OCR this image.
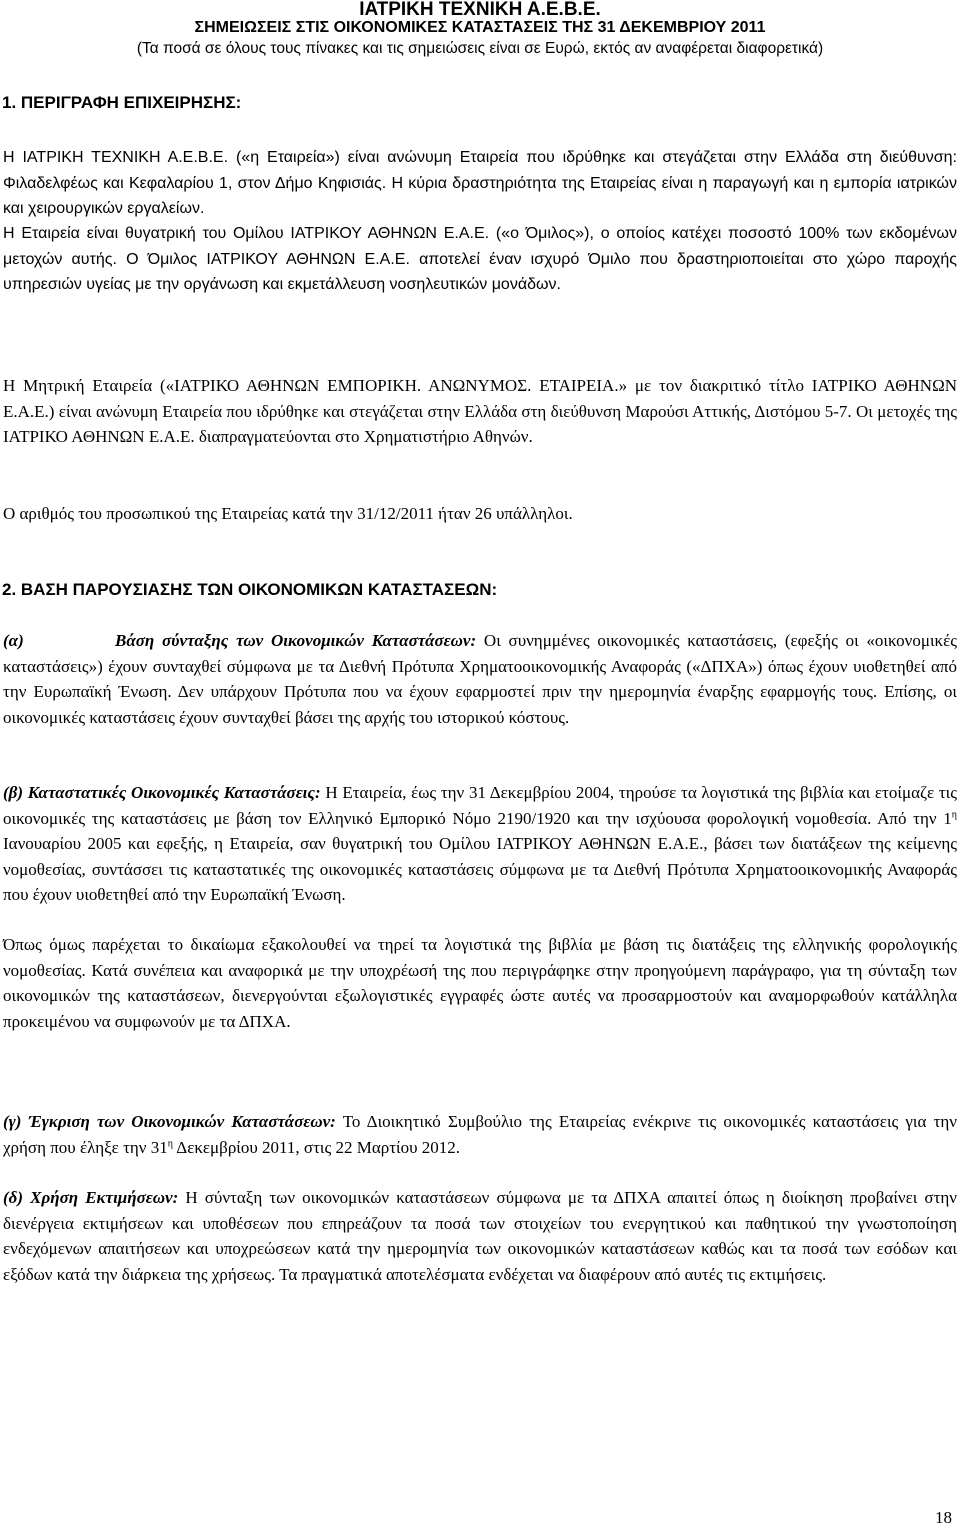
ΙΑΤΡΙΚΗ ΤΕΧΝΙΚΗ Α.Ε.Β.Ε.
ΣΗΜΕΙΩΣΕΙΣ ΣΤΙΣ ΟΙΚΟΝΟΜΙΚΕΣ ΚΑΤΑΣΤΑΣΕΙΣ ΤΗΣ 31 ΔΕΚΕΜΒΡΙΟΥ 2011
(Τα ποσά σε όλους τους πίνακες και τις σημειώσεις είναι σε Ευρώ, εκτός αν αναφέρεται διαφορετικά)
1. ΠΕΡΙΓΡΑΦΗ ΕΠΙΧΕΙΡΗΣΗΣ:
Η ΙΑΤΡΙΚΗ ΤΕΧΝΙΚΗ Α.Ε.Β.Ε. («η Εταιρεία») είναι ανώνυμη Εταιρεία που ιδρύθηκε και στεγάζεται στην Ελλάδα στη διεύθυνση: Φιλαδελφέως και Κεφαλαρίου 1, στον Δήμο Κηφισιάς. Η κύρια δραστηριότητα της Εταιρείας είναι η παραγωγή και η εμπορία ιατρικών και χειρουργικών εργαλείων.
Η Εταιρεία είναι θυγατρική του Ομίλου ΙΑΤΡΙΚΟΥ ΑΘΗΝΩΝ Ε.Α.Ε. («ο Όμιλος»), ο οποίος κατέχει ποσοστό 100% των εκδομένων μετοχών αυτής. Ο Όμιλος ΙΑΤΡΙΚΟΥ ΑΘΗΝΩΝ Ε.Α.Ε. αποτελεί έναν ισχυρό Όμιλο που δραστηριοποιείται στο χώρο παροχής υπηρεσιών υγείας με την οργάνωση και εκμετάλλευση νοσηλευτικών μονάδων.
Η Μητρική Εταιρεία («ΙΑΤΡΙΚΟ ΑΘΗΝΩΝ ΕΜΠΟΡΙΚΗ. ΑΝΩΝΥΜΟΣ. ΕΤΑΙΡΕΙΑ.» με τον διακριτικό τίτλο ΙΑΤΡΙΚΟ ΑΘΗΝΩΝ Ε.Α.Ε.) είναι ανώνυμη Εταιρεία που ιδρύθηκε και στεγάζεται στην Ελλάδα στη διεύθυνση Μαρούσι Αττικής, Διστόμου 5-7. Οι μετοχές της ΙΑΤΡΙΚΟ ΑΘΗΝΩΝ Ε.Α.Ε. διαπραγματεύονται στο Χρηματιστήριο Αθηνών.
Ο αριθμός του προσωπικού της Εταιρείας κατά την 31/12/2011 ήταν 26 υπάλληλοι.
2. ΒΑΣΗ ΠΑΡΟΥΣΙΑΣΗΣ ΤΩΝ ΟΙΚΟΝΟΜΙΚΩΝ ΚΑΤΑΣΤΑΣΕΩΝ:
(α)	Βάση σύνταξης των Οικονομικών Καταστάσεων: Οι συνημμένες οικονομικές καταστάσεις, (εφεξής οι «οικονομικές καταστάσεις») έχουν συνταχθεί σύμφωνα με τα Διεθνή Πρότυπα Χρηματοοικονομικής Αναφοράς («ΔΠΧΑ») όπως έχουν υιοθετηθεί από την Ευρωπαϊκή Ένωση. Δεν υπάρχουν Πρότυπα που να έχουν εφαρμοστεί πριν την ημερομηνία έναρξης εφαρμογής τους. Επίσης, οι οικονομικές καταστάσεις έχουν συνταχθεί βάσει της αρχής του ιστορικού κόστους.
(β) Καταστατικές Οικονομικές Καταστάσεις: Η Εταιρεία, έως την 31 Δεκεμβρίου 2004, τηρούσε τα λογιστικά της βιβλία και ετοίμαζε τις οικονομικές της καταστάσεις με βάση τον Ελληνικό Εμπορικό Νόμο 2190/1920 και την ισχύουσα φορολογική νομοθεσία. Από την $1^\eta$ Ιανουαρίου 2005 και εφεξής, η Εταιρεία, σαν θυγατρική του Ομίλου ΙΑΤΡΙΚΟΥ ΑΘΗΝΩΝ Ε.Α.Ε., βάσει των διατάξεων της κείμενης νομοθεσίας, συντάσσει τις καταστατικές της οικονομικές καταστάσεις σύμφωνα με τα Διεθνή Πρότυπα Χρηματοοικονομικής Αναφοράς που έχουν υιοθετηθεί από την Ευρωπαϊκή Ένωση.
Όπως όμως παρέχεται το δικαίωμα εξακολουθεί να τηρεί τα λογιστικά της βιβλία με βάση τις διατάξεις της ελληνικής φορολογικής νομοθεσίας. Κατά συνέπεια και αναφορικά με την υποχρέωσή της που περιγράφηκε στην προηγούμενη παράγραφο, για τη σύνταξη των οικονομικών της καταστάσεων, διενεργούνται εξωλογιστικές εγγραφές ώστε αυτές να προσαρμοστούν και αναμορφωθούν κατάλληλα προκειμένου να συμφωνούν με τα ΔΠΧΑ.
(γ) Έγκριση των Οικονομικών Καταστάσεων: Το Διοικητικό Συμβούλιο της Εταιρείας ενέκρινε τις οικονομικές καταστάσεις για την χρήση που έληξε την $31^\eta$ Δεκεμβρίου 2011, στις 22 Μαρτίου 2012.
(δ) Χρήση Εκτιμήσεων: Η σύνταξη των οικονομικών καταστάσεων σύμφωνα με τα ΔΠΧΑ απαιτεί όπως η διοίκηση προβαίνει στην διενέργεια εκτιμήσεων και υποθέσεων που επηρεάζουν τα ποσά των στοιχείων του ενεργητικού και παθητικού την γνωστοποίηση ενδεχόμενων απαιτήσεων και υποχρεώσεων κατά την ημερομηνία των οικονομικών καταστάσεων καθώς και τα ποσά των εσόδων και εξόδων κατά την διάρκεια της χρήσεως. Τα πραγματικά αποτελέσματα ενδέχεται να διαφέρουν από αυτές τις εκτιμήσεις.
18
